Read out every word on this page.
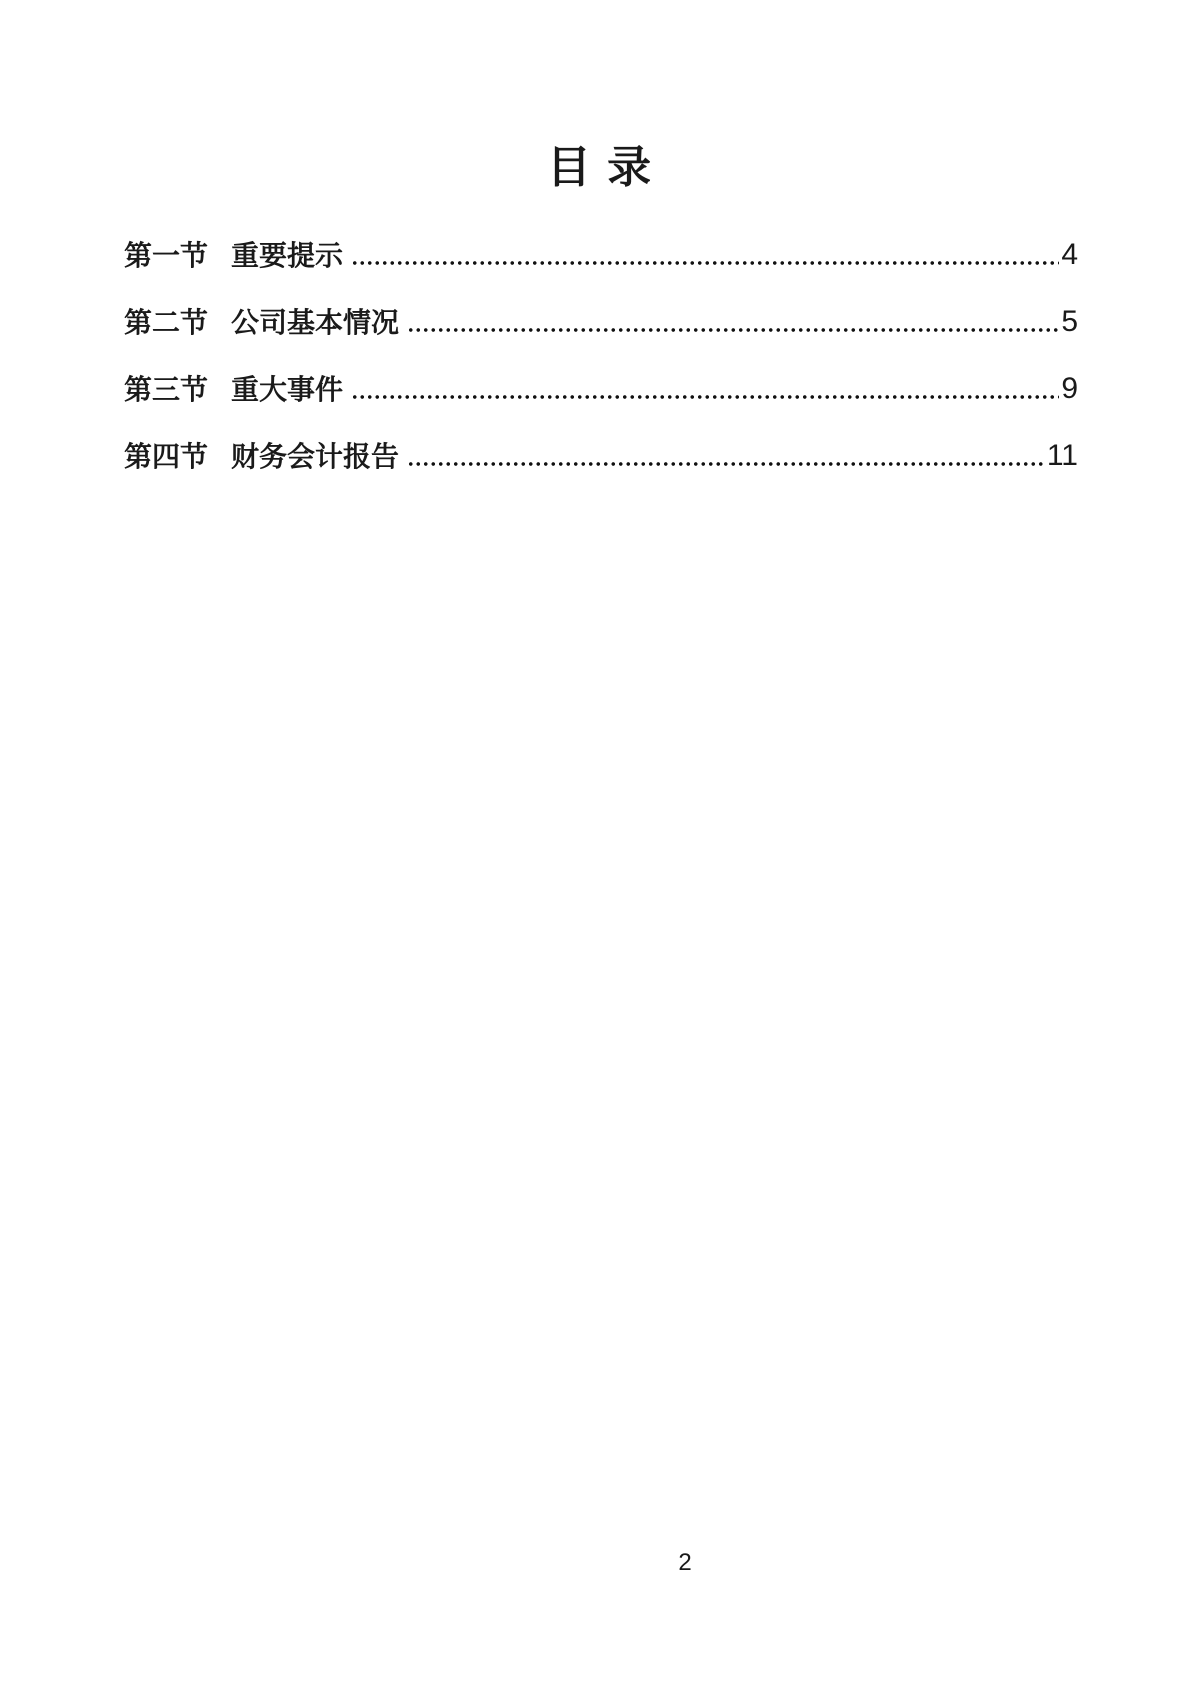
目 录
第一节 重要提示	4
第二节 公司基本情况	5
第三节 重大事件	9
第四节 财务会计报告	11
2
